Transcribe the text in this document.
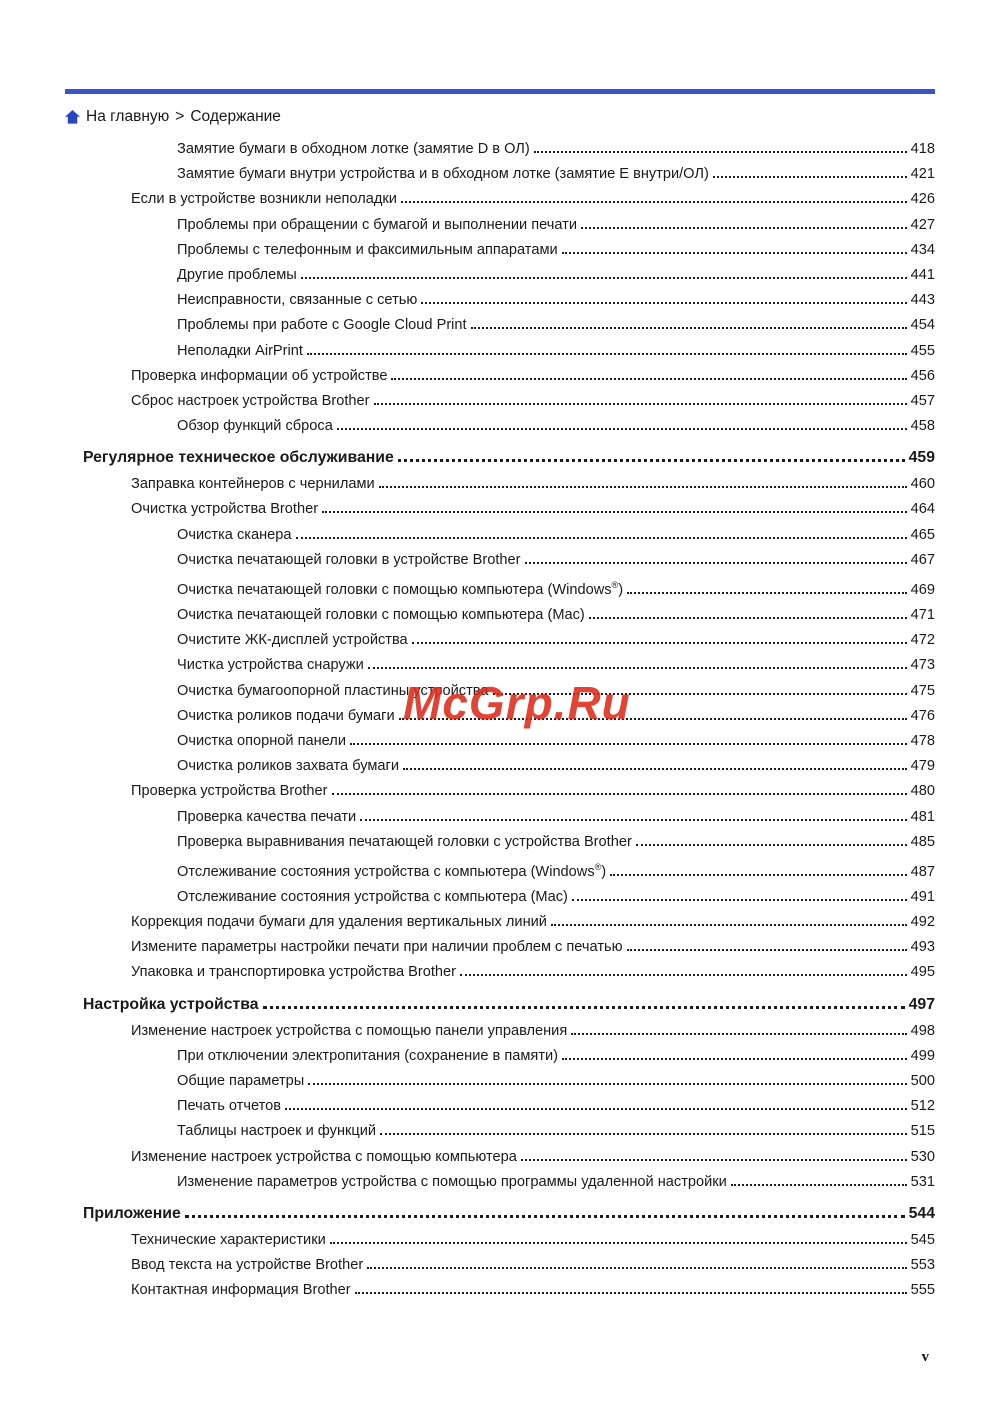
На главную > Содержание
Замятие бумаги в обходном лотке (замятие D в ОЛ)	418
Замятие бумаги внутри устройства и в обходном лотке (замятие E внутри/ОЛ)	421
Если в устройстве возникли неполадки	426
Проблемы при обращении с бумагой и выполнении печати	427
Проблемы с телефонным и факсимильным аппаратами	434
Другие проблемы	441
Неисправности, связанные с сетью	443
Проблемы при работе с Google Cloud Print	454
Неполадки AirPrint	455
Проверка информации об устройстве	456
Сброс настроек устройства Brother	457
Обзор функций сброса	458
Регулярное техническое обслуживание	459
Заправка контейнеров с чернилами	460
Очистка устройства Brother	464
Очистка сканера	465
Очистка печатающей головки в устройстве Brother	467
Очистка печатающей головки с помощью компьютера (Windows®)	469
Очистка печатающей головки с помощью компьютера (Mac)	471
Очистите ЖК-дисплей устройства	472
Чистка устройства снаружи	473
Очистка бумагоопорной пластины устройства	475
Очистка роликов подачи бумаги	476
Очистка опорной панели	478
Очистка роликов захвата бумаги	479
Проверка устройства Brother	480
Проверка качества печати	481
Проверка выравнивания печатающей головки с устройства Brother	485
Отслеживание состояния устройства с компьютера (Windows®)	487
Отслеживание состояния устройства с компьютера (Mac)	491
Коррекция подачи бумаги для удаления вертикальных линий	492
Измените параметры настройки печати при наличии проблем с печатью	493
Упаковка и транспортировка устройства Brother	495
Настройка устройства	497
Изменение настроек устройства с помощью панели управления	498
При отключении электропитания (сохранение в памяти)	499
Общие параметры	500
Печать отчетов	512
Таблицы настроек и функций	515
Изменение настроек устройства с помощью компьютера	530
Изменение параметров устройства с помощью программы удаленной настройки	531
Приложение	544
Технические характеристики	545
Ввод текста на устройстве Brother	553
Контактная информация Brother	555
McGrp.Ru
v
